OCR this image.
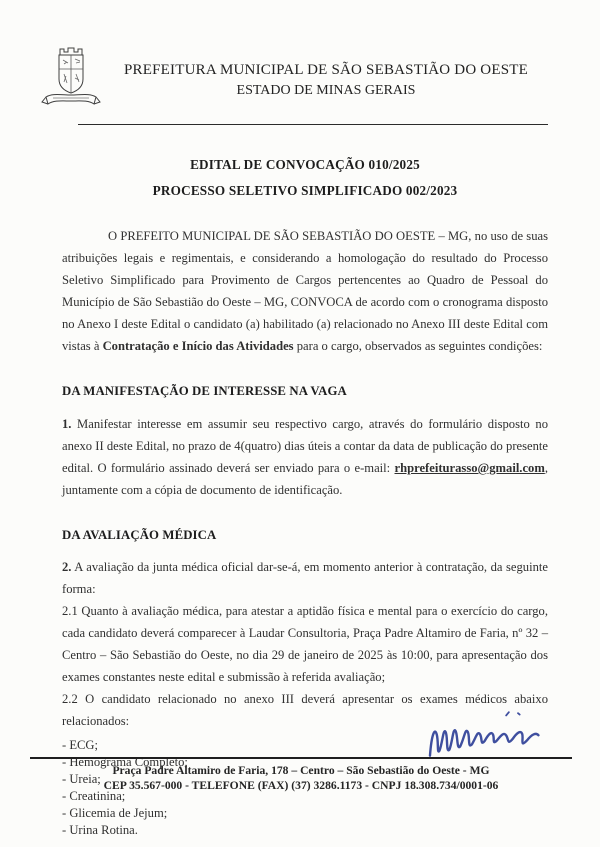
PREFEITURA MUNICIPAL DE SÃO SEBASTIÃO DO OESTE
ESTADO DE MINAS GERAIS
EDITAL DE CONVOCAÇÃO 010/2025
PROCESSO SELETIVO SIMPLIFICADO 002/2023

O PREFEITO MUNICIPAL DE SÃO SEBASTIÃO DO OESTE – MG, no uso de suas atribuições legais e regimentais, e considerando a homologação do resultado do Processo Seletivo Simplificado para Provimento de Cargos pertencentes ao Quadro de Pessoal do Município de São Sebastião do Oeste – MG, CONVOCA de acordo com o cronograma disposto no Anexo I deste Edital o candidato (a) habilitado (a) relacionado no Anexo III deste Edital com vistas à Contratação e Início das Atividades para o cargo, observados as seguintes condições:

DA MANIFESTAÇÃO DE INTERESSE NA VAGA

1. Manifestar interesse em assumir seu respectivo cargo, através do formulário disposto no anexo II deste Edital, no prazo de 4(quatro) dias úteis a contar da data de publicação do presente edital. O formulário assinado deverá ser enviado para o e-mail: rhprefeiturasso@gmail.com, juntamente com a cópia de documento de identificação.

DA AVALIAÇÃO MÉDICA

2. A avaliação da junta médica oficial dar-se-á, em momento anterior à contratação, da seguinte forma:

2.1 Quanto à avaliação médica, para atestar a aptidão física e mental para o exercício do cargo, cada candidato deverá comparecer à Laudar Consultoria, Praça Padre Altamiro de Faria, nº 32 – Centro – São Sebastião do Oeste, no dia 29 de janeiro de 2025 às 10:00, para apresentação dos exames constantes neste edital e submissão à referida avaliação;

2.2 O candidato relacionado no anexo III deverá apresentar os exames médicos abaixo relacionados:

- ECG;
- Hemograma Completo;
- Ureia;
- Creatinina;
- Glicemia de Jejum;
- Urina Rotina.
Praça Padre Altamiro de Faria, 178 – Centro – São Sebastião do Oeste - MG
CEP 35.567-000 - TELEFONE (FAX) (37) 3286.1173 - CNPJ 18.308.734/0001-06
